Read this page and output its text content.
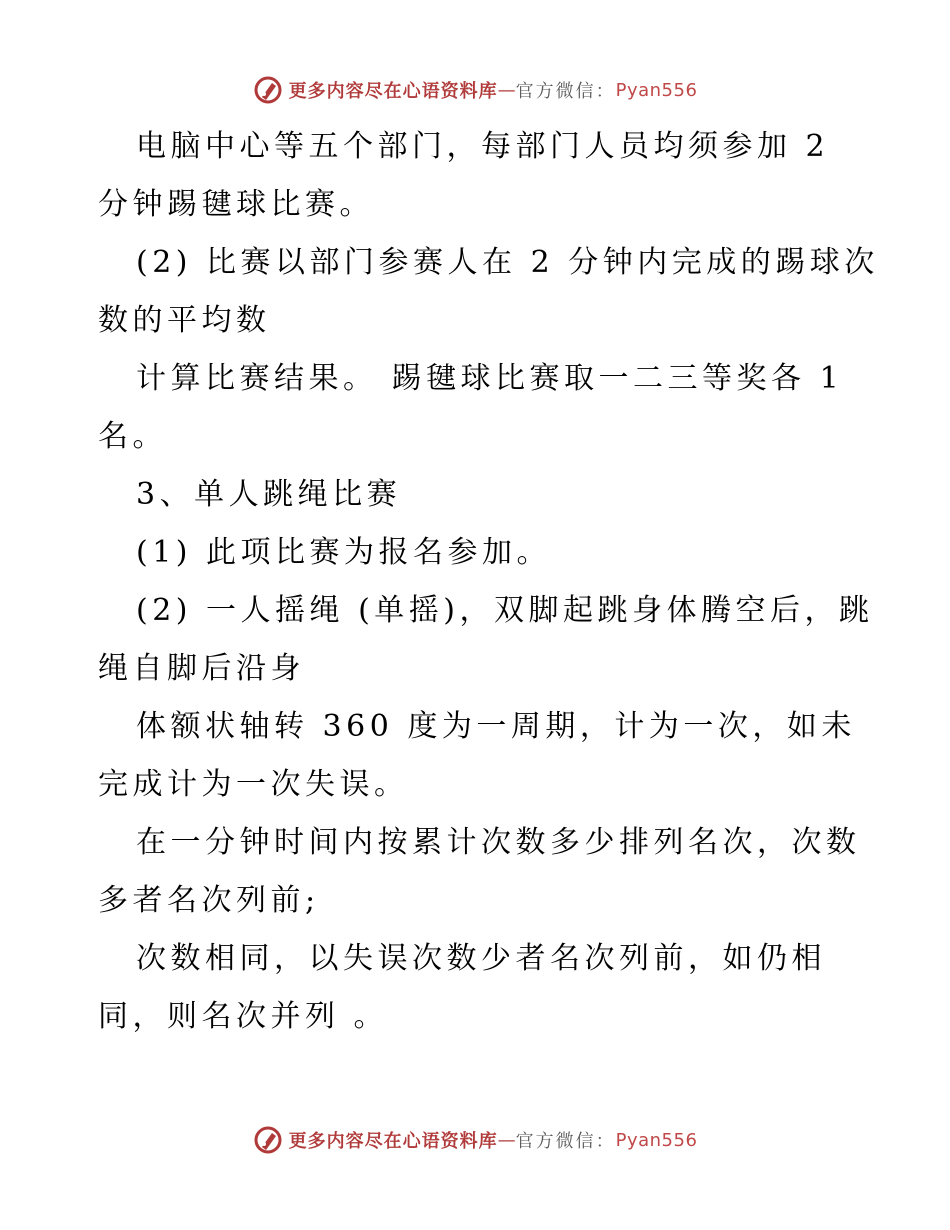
更多内容尽在心语资料库 — 官方微信： Pyan556
电脑中心等五个部门，每部门人员均须参加 2
分钟踢毽球比赛。
(2) 比赛以部门参赛人在 2 分钟内完成的踢球次
数的平均数
计算比赛结果。 踢毽球比赛取一二三等奖各 1
名。
3、单人跳绳比赛
(1) 此项比赛为报名参加。
(2) 一人摇绳 (单摇)，双脚起跳身体腾空后，跳
绳自脚后沿身
体额状轴转 360 度为一周期，计为一次，如未
完成计为一次失误。
在一分钟时间内按累计次数多少排列名次，次数
多者名次列前;
次数相同，以失误次数少者名次列前，如仍相
同，则名次并列 。
更多内容尽在心语资料库 — 官方微信： Pyan556
